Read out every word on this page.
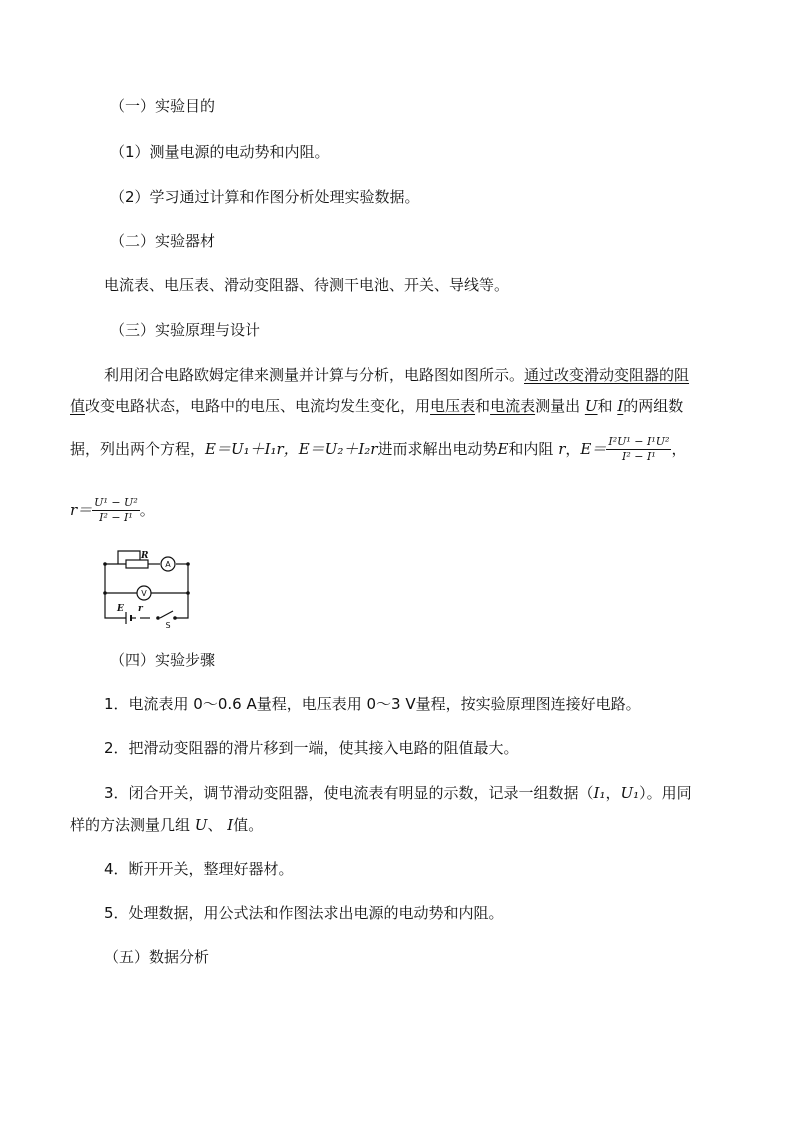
（一）实验目的
（1）测量电源的电动势和内阻。
（2）学习通过计算和作图分析处理实验数据。
（二）实验器材
电流表、电压表、滑动变阻器、待测干电池、开关、导线等。
（三）实验原理与设计
利用闭合电路欧姆定律来测量并计算与分析，电路图如图所示。通过改变滑动变阻器的阻
值改变电路状态，电路中的电压、电流均发生变化，用电压表和电流表测量出 U和 I的两组数
据，列出两个方程，E＝U₁＋I₁r，E＝U₂＋I₂r进而求解出电动势E和内阻 r，$E= \frac{\text{I²U¹ − I¹U²}}{\text{I² − I¹}}$ ，
$r= \frac{\text{U¹ − U²}}{\text{I² − I¹}}$ 。
R
E r
A
V
S
（四）实验步骤
1．电流表用 0～0.6 A量程，电压表用 0～3 V量程，按实验原理图连接好电路。
2．把滑动变阻器的滑片移到一端，使其接入电路的阻值最大。
3．闭合开关，调节滑动变阻器，使电流表有明显的示数，记录一组数据（I₁，U₁）。用同
样的方法测量几组 U、 I值。
4．断开开关，整理好器材。
5．处理数据，用公式法和作图法求出电源的电动势和内阻。
（五）数据分析
